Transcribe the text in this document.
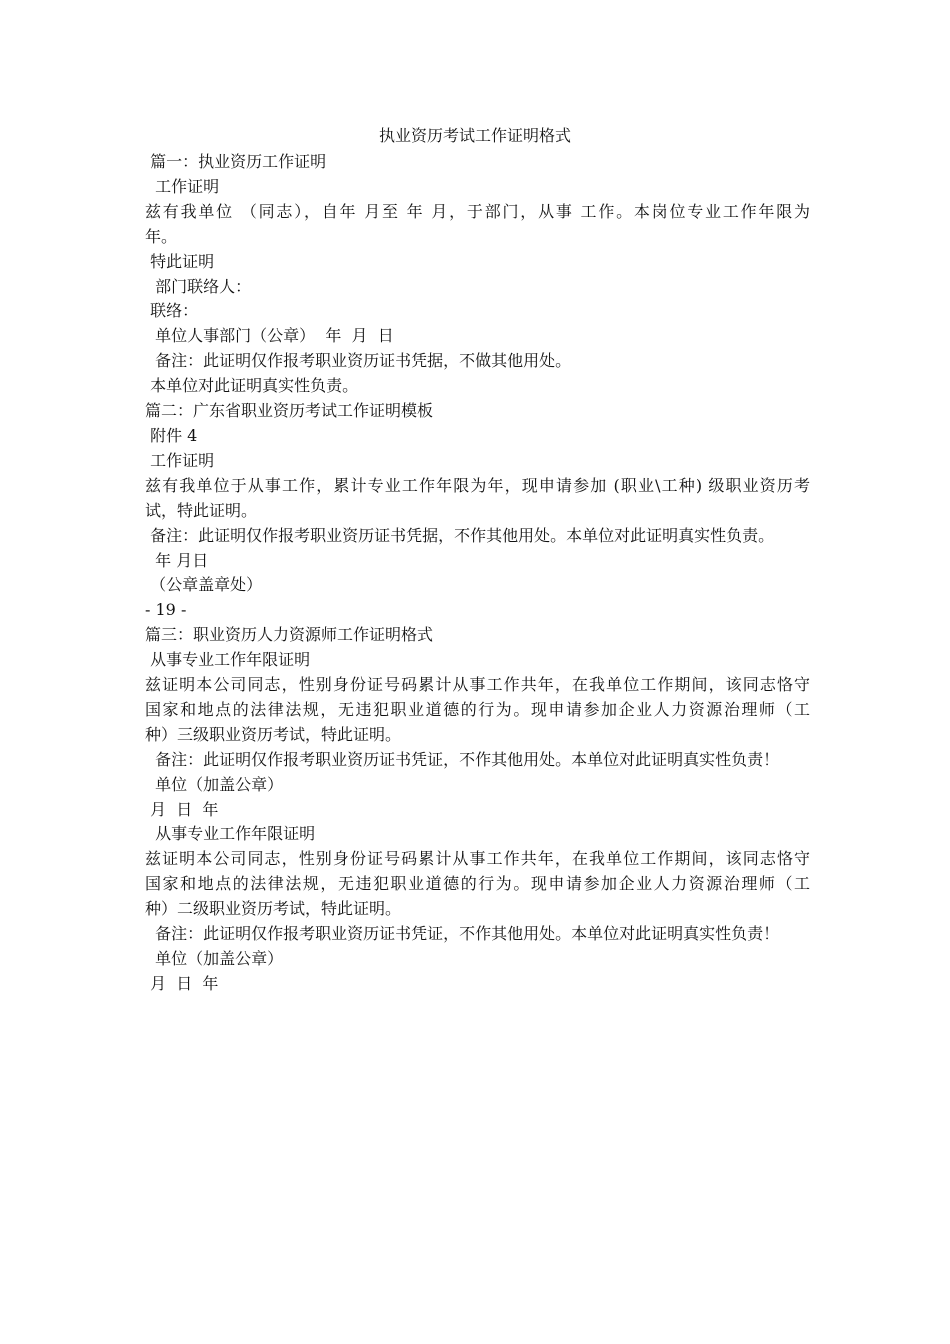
执业资历考试工作证明格式

篇一：执业资历工作证明

工作证明

兹有我单位 （同志），自年 月至 年 月，于部门，从事 工作。本岗位专业工作年限为

年。

特此证明

部门联络人：

联络：

单位人事部门（公章）  年  月  日

备注：此证明仅作报考职业资历证书凭据，不做其他用处。

本单位对此证明真实性负责。

篇二：广东省职业资历考试工作证明模板

附件 4

工作证明

兹有我单位于从事工作，累计专业工作年限为年，现申请参加 (职业\工种) 级职业资历考

试，特此证明。

备注：此证明仅作报考职业资历证书凭据，不作其他用处。本单位对此证明真实性负责。

年 月日

（公章盖章处）

- 19 -

篇三：职业资历人力资源师工作证明格式

从事专业工作年限证明

兹证明本公司同志，性别身份证号码累计从事工作共年，在我单位工作期间，该同志恪守

国家和地点的法律法规，无违犯职业道德的行为。现申请参加企业人力资源治理师（工

种）三级职业资历考试，特此证明。

备注：此证明仅作报考职业资历证书凭证，不作其他用处。本单位对此证明真实性负责！

单位（加盖公章）

月  日  年

从事专业工作年限证明

兹证明本公司同志，性别身份证号码累计从事工作共年，在我单位工作期间，该同志恪守

国家和地点的法律法规，无违犯职业道德的行为。现申请参加企业人力资源治理师（工

种）二级职业资历考试，特此证明。

备注：此证明仅作报考职业资历证书凭证，不作其他用处。本单位对此证明真实性负责！

单位（加盖公章）

月  日  年
